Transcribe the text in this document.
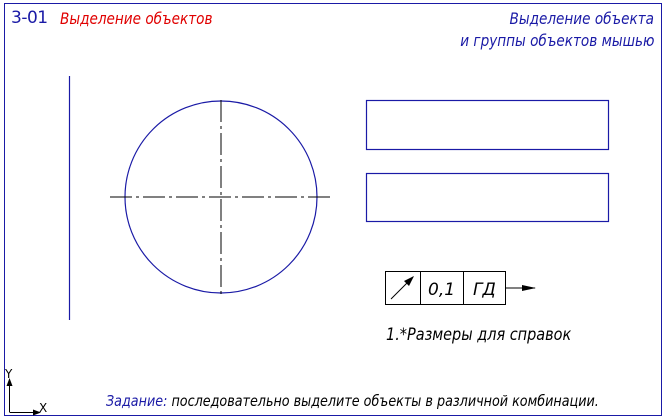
3-01 Выделение объектов	Выделение объекта
и группы объектов мышью
0,1 ГД
1.*Размеры для справок
Задание: последовательно выделите объекты в различной комбинации.
Y
X
